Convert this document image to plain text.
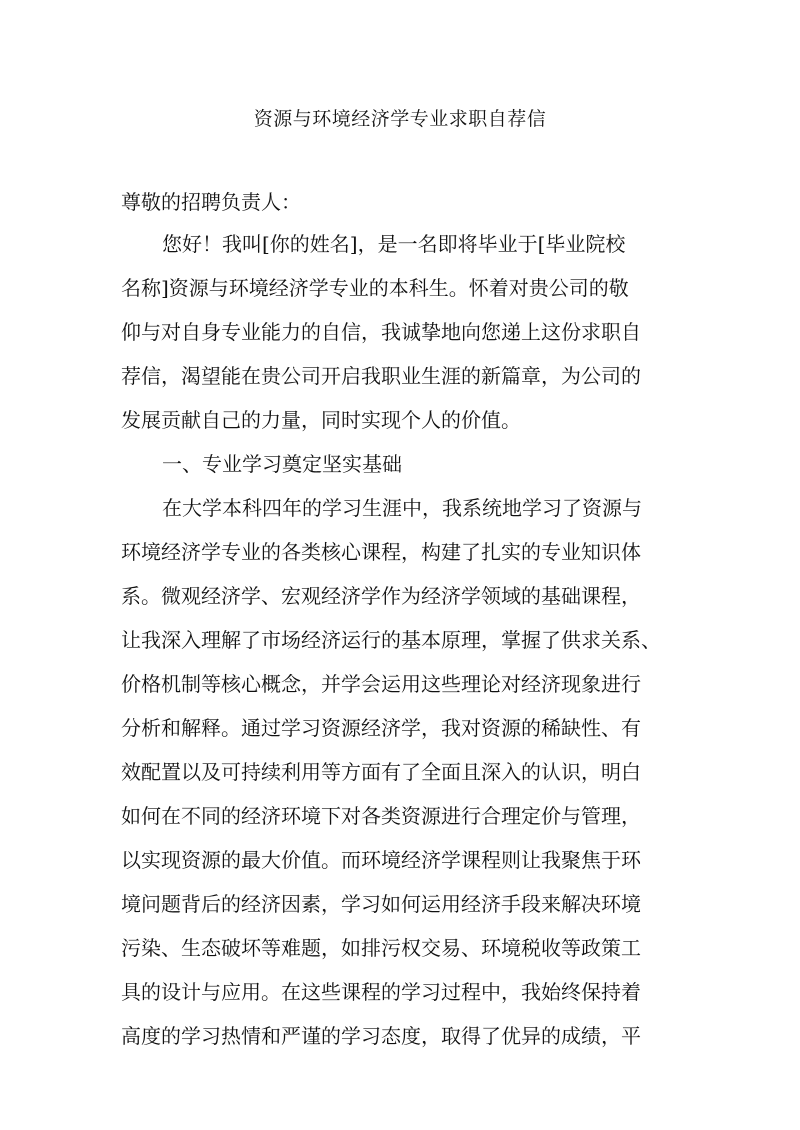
资源与环境经济学专业求职自荐信

尊敬的招聘负责人：

您好！我叫[你的姓名]，是一名即将毕业于[毕业院校
名称]资源与环境经济学专业的本科生。怀着对贵公司的敬
仰与对自身专业能力的自信，我诚挚地向您递上这份求职自
荐信，渴望能在贵公司开启我职业生涯的新篇章，为公司的
发展贡献自己的力量，同时实现个人的价值。
一、专业学习奠定坚实基础
在大学本科四年的学习生涯中，我系统地学习了资源与
环境经济学专业的各类核心课程，构建了扎实的专业知识体
系。微观经济学、宏观经济学作为经济学领域的基础课程，
让我深入理解了市场经济运行的基本原理，掌握了供求关系、
价格机制等核心概念，并学会运用这些理论对经济现象进行
分析和解释。通过学习资源经济学，我对资源的稀缺性、有
效配置以及可持续利用等方面有了全面且深入的认识，明白
如何在不同的经济环境下对各类资源进行合理定价与管理，
以实现资源的最大价值。而环境经济学课程则让我聚焦于环
境问题背后的经济因素，学习如何运用经济手段来解决环境
污染、生态破坏等难题，如排污权交易、环境税收等政策工
具的设计与应用。在这些课程的学习过程中，我始终保持着
高度的学习热情和严谨的学习态度，取得了优异的成绩，平
